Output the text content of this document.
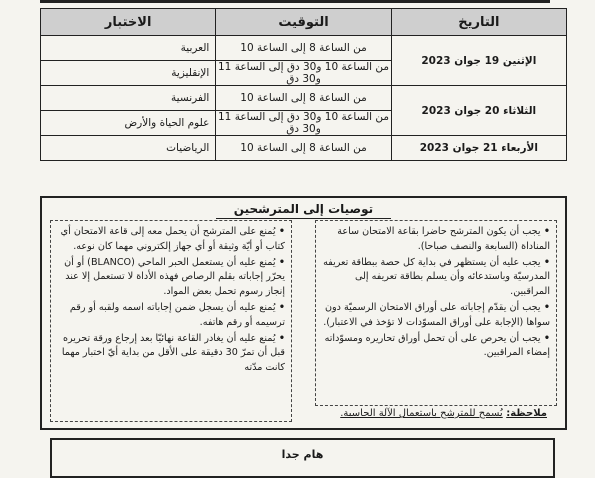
التاريخ	التوقيت	الاختبار
الإثنين 19 جوان 2023	من الساعة 8 إلى الساعة 10	العربية
	من الساعة 10 و30 دق إلى الساعة 11 و30 دق	الإنقليزية
الثلاثاء 20 جوان 2023	من الساعة 8 إلى الساعة 10	الفرنسية
	من الساعة 10 و30 دق إلى الساعة 11 و30 دق	علوم الحياة والأرض
الأربعاء 21 جوان 2023	من الساعة 8 إلى الساعة 10	الرياضيات
توصيات إلى المترشحين
• يجب أن يكون المترشح حاضرا بقاعة الامتحان ساعة المناداة (السابعة والنصف صباحا).
• يجب عليه أن يستظهر في بداية كل حصة ببطاقة تعريفه المدرسيّة وباستدعائه وأن يسلم بطاقة تعريفه إلى المراقبين.
• يجب أن يقدّم إجاباته على أوراق الامتحان الرسميّة دون سواها (الإجابة على أوراق المسوّدات لا تؤخذ في الاعتبار).
• يجب أن يحرص على أن تحمل أوراق تحاريره ومسوّداته إمضاء المراقبين.
• يُمنع على المترشح أن يحمل معه إلى قاعة الامتحان أي كتاب أو أيّة وثيقة أو أي جهاز إلكتروني مهما كان نوعه.
• يُمنع عليه أن يستعمل الحبر الماحي (BLANCO) أو أن يحرّر إجاباته بقلم الرصاص فهذه الأداة لا تستعمل إلا عند إنجاز رسوم تحمل بعض المواد.
• يُمنع عليه أن يسجل ضمن إجاباته اسمه ولقبه أو رقم ترسيمه أو رقم هاتفه.
• يُمنع عليه أن يغادر القاعة نهائيّا بعد إرجاع ورقة تحريره قبل أن تمرّ 30 دقيقة على الأقل من بداية أيّ اختبار مهما كانت مدّته
ملاحظة: يُسمح للمترشح باستعمال الآلة الحاسبة.
هام جدا
